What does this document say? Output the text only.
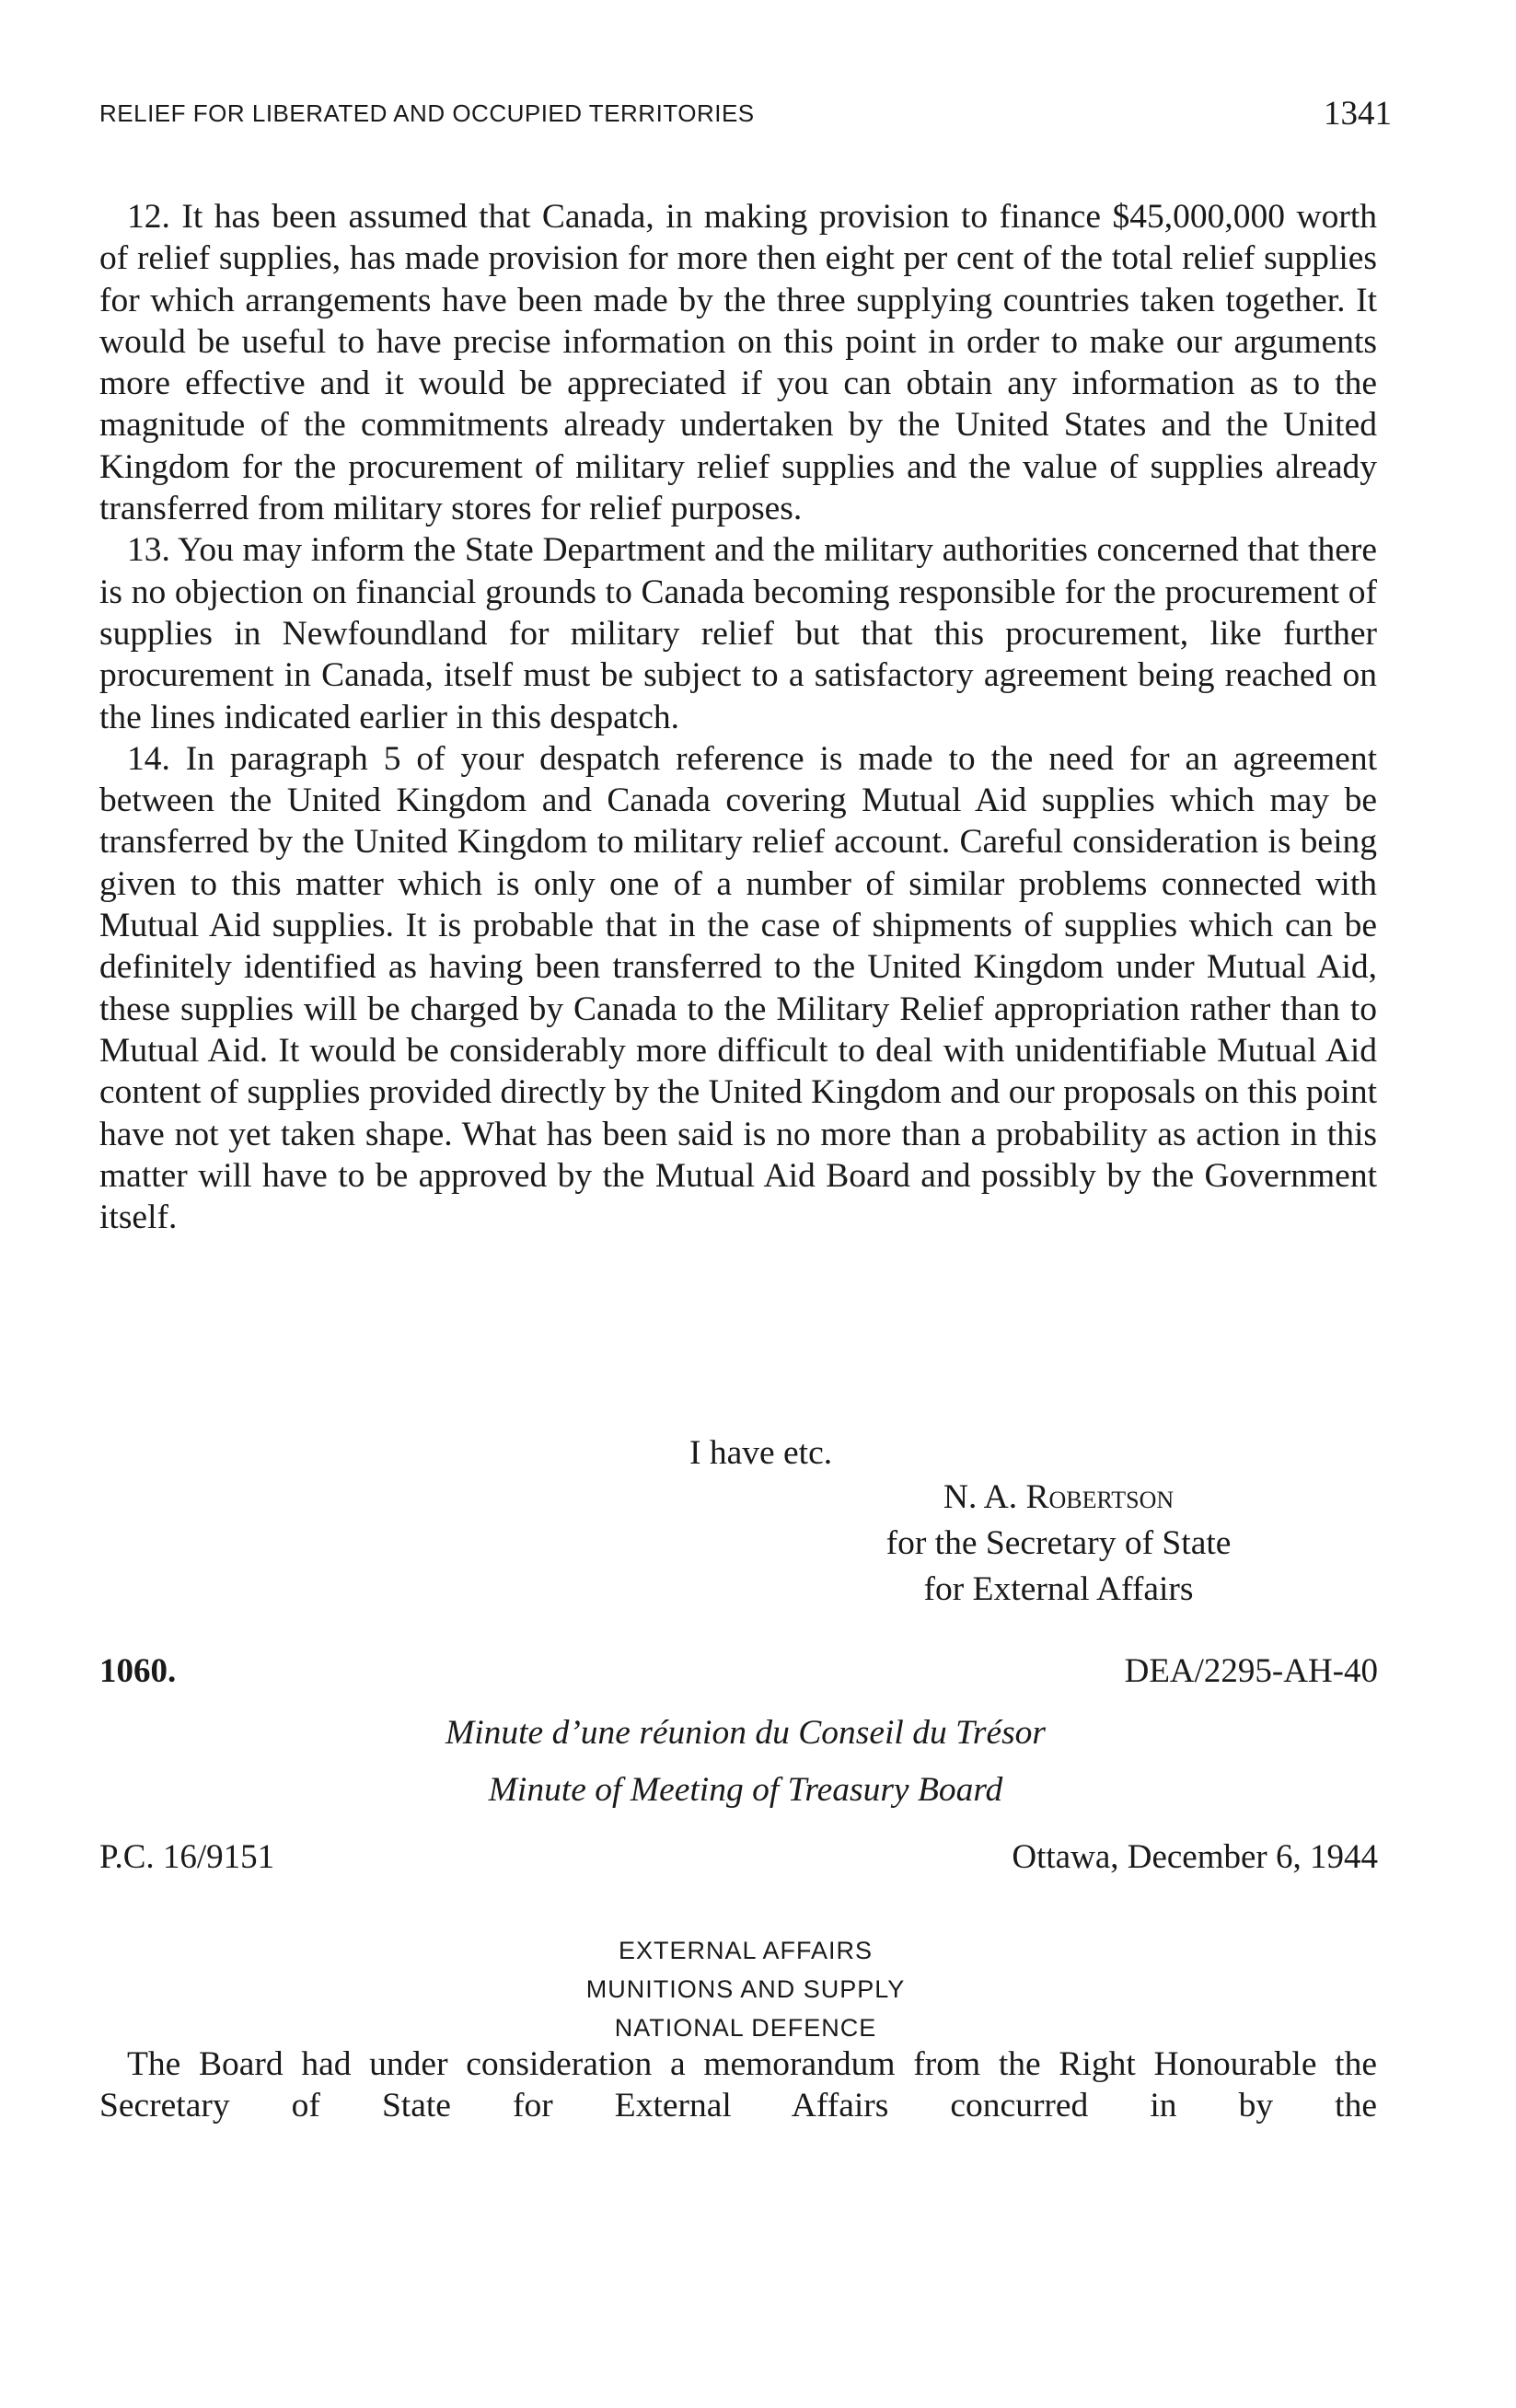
RELIEF FOR LIBERATED AND OCCUPIED TERRITORIES	1341

12. It has been assumed that Canada, in making provision to finance $45,000,000 worth of relief supplies, has made provision for more then eight per cent of the total relief supplies for which arrangements have been made by the three supplying countries taken together. It would be useful to have precise information on this point in order to make our arguments more effective and it would be appreciated if you can obtain any information as to the magnitude of the commitments already undertaken by the United States and the United Kingdom for the procurement of military relief supplies and the value of supplies already transferred from military stores for relief purposes.

13. You may inform the State Department and the military authorities concerned that there is no objection on financial grounds to Canada becoming responsible for the procurement of supplies in Newfoundland for military relief but that this procurement, like further procurement in Canada, itself must be subject to a satisfactory agreement being reached on the lines indicated earlier in this despatch.

14. In paragraph 5 of your despatch reference is made to the need for an agreement between the United Kingdom and Canada covering Mutual Aid supplies which may be transferred by the United Kingdom to military relief account. Careful consideration is being given to this matter which is only one of a number of similar problems connected with Mutual Aid supplies. It is probable that in the case of shipments of supplies which can be definitely identified as having been transferred to the United Kingdom under Mutual Aid, these supplies will be charged by Canada to the Military Relief appropriation rather than to Mutual Aid. It would be considerably more difficult to deal with unidentifiable Mutual Aid content of supplies provided directly by the United Kingdom and our proposals on this point have not yet taken shape. What has been said is no more than a probability as action in this matter will have to be approved by the Mutual Aid Board and possibly by the Government itself.

I have etc.
N. A. Robertson
for the Secretary of State
for External Affairs
1060.	DEA/2295-AH-40
Minute d’une réunion du Conseil du Trésor
Minute of Meeting of Treasury Board
P.C. 16/9151	Ottawa, December 6, 1944
EXTERNAL AFFAIRS
MUNITIONS AND SUPPLY
NATIONAL DEFENCE

The Board had under consideration a memorandum from the Right Honourable the Secretary of State for External Affairs concurred in by the
